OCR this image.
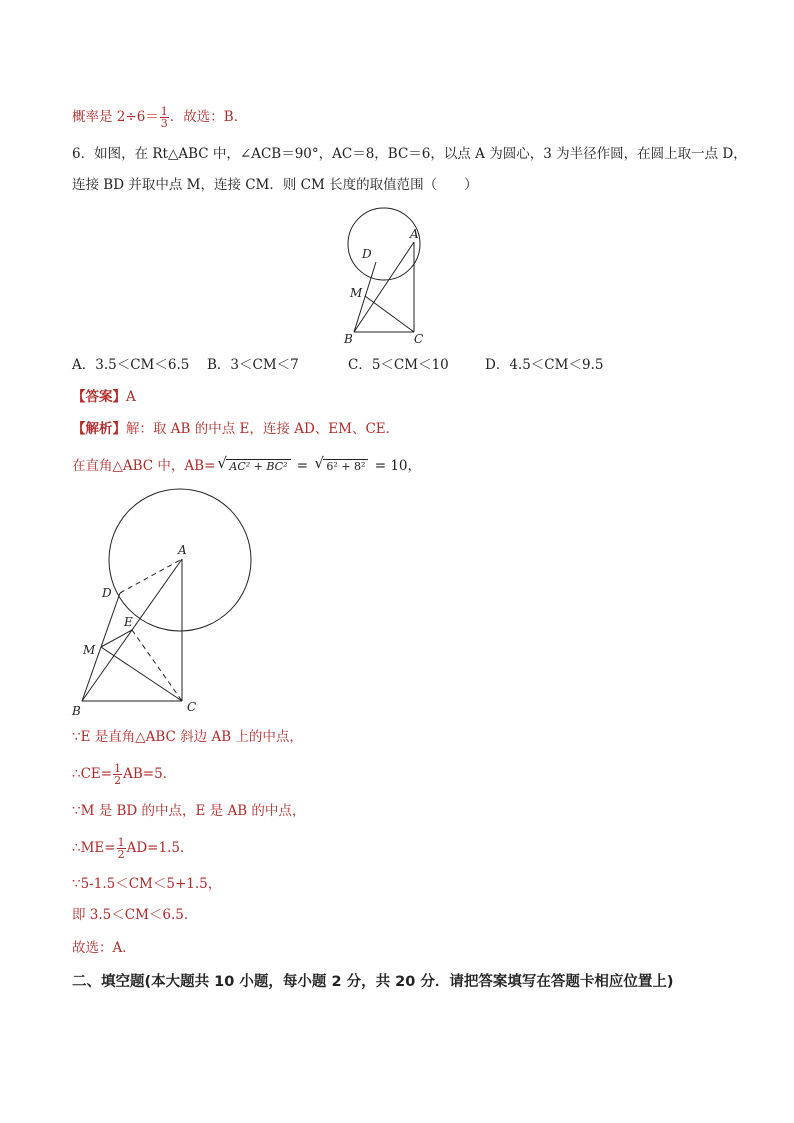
概率是 $2\div 6= \frac{1}{3}$ ．故选：B．
6．如图，在 Rt△ABC 中，∠ACB＝90°，AC＝8，BC＝6，以点 A 为圆心，3 为半径作圆，在圆上取一点 D，
连接 BD 并取中点 M，连接 CM．则 CM 长度的取值范围（　　）
A
D
M
B	C
A．3.5＜CM＜6.5 B．3＜CM＜7	C．5＜CM＜10	D．4.5＜CM＜9.5
【答案】A
【解析】解：取 AB 的中点 E，连接 AD、EM、CE．
在直角△ABC 中，AB= √ AC² + BC² = √ 6² + 8² = 10，
A
D
E
M
B	C
∵E 是直角△ABC 斜边 AB 上的中点，
∴CE= $\frac{1}{2} AB=5$．
∵M 是 BD 的中点，E 是 AB 的中点，
∴ME= $\frac{1}{2} AD=1.5$．
∵5-1.5＜CM＜5+1.5，
即 3.5＜CM＜6.5．
故选：A．
二、填空题(本大题共 10 小题，每小题 2 分，共 20 分．请把答案填写在答题卡相应位置上)
